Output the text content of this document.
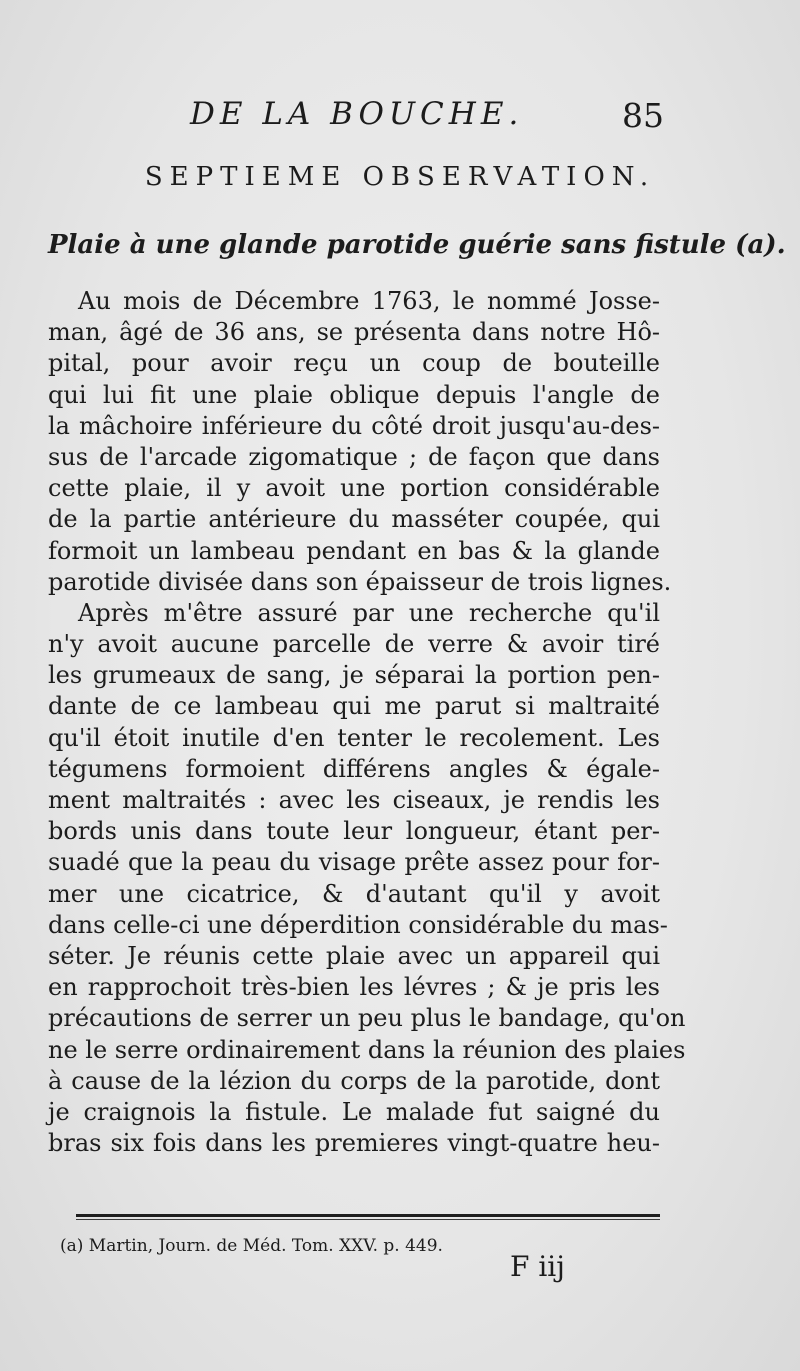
DE LA BOUCHE.	85
SEPTIEME OBSERVATION.
Plaie à une glande parotide guérie sans fistule (a).
Au mois de Décembre 1763, le nommé Josse-
man, âgé de 36 ans, se présenta dans notre Hô-
pital, pour avoir reçu un coup de bouteille
qui lui fit une plaie oblique depuis l'angle de
la mâchoire inférieure du côté droit jusqu'au-des-
sus de l'arcade zigomatique ; de façon que dans
cette plaie, il y avoit une portion considérable
de la partie antérieure du masséter coupée, qui
formoit un lambeau pendant en bas & la glande
parotide divisée dans son épaisseur de trois lignes.
Après m'être assuré par une recherche qu'il
n'y avoit aucune parcelle de verre & avoir tiré
les grumeaux de sang, je séparai la portion pen-
dante de ce lambeau qui me parut si maltraité
qu'il étoit inutile d'en tenter le recolement. Les
tégumens formoient différens angles & égale-
ment maltraités : avec les ciseaux, je rendis les
bords unis dans toute leur longueur, étant per-
suadé que la peau du visage prête assez pour for-
mer une cicatrice, & d'autant qu'il y avoit
dans celle-ci une déperdition considérable du mas-
séter. Je réunis cette plaie avec un appareil qui
en rapprochoit très-bien les lévres ; & je pris les
précautions de serrer un peu plus le bandage, qu'on
ne le serre ordinairement dans la réunion des plaies
à cause de la lézion du corps de la parotide, dont
je craignois la fistule. Le malade fut saigné du
bras six fois dans les premieres vingt-quatre heu-
(a) Martin, Journ. de Méd. Tom. XXV. p. 449.
F iij
